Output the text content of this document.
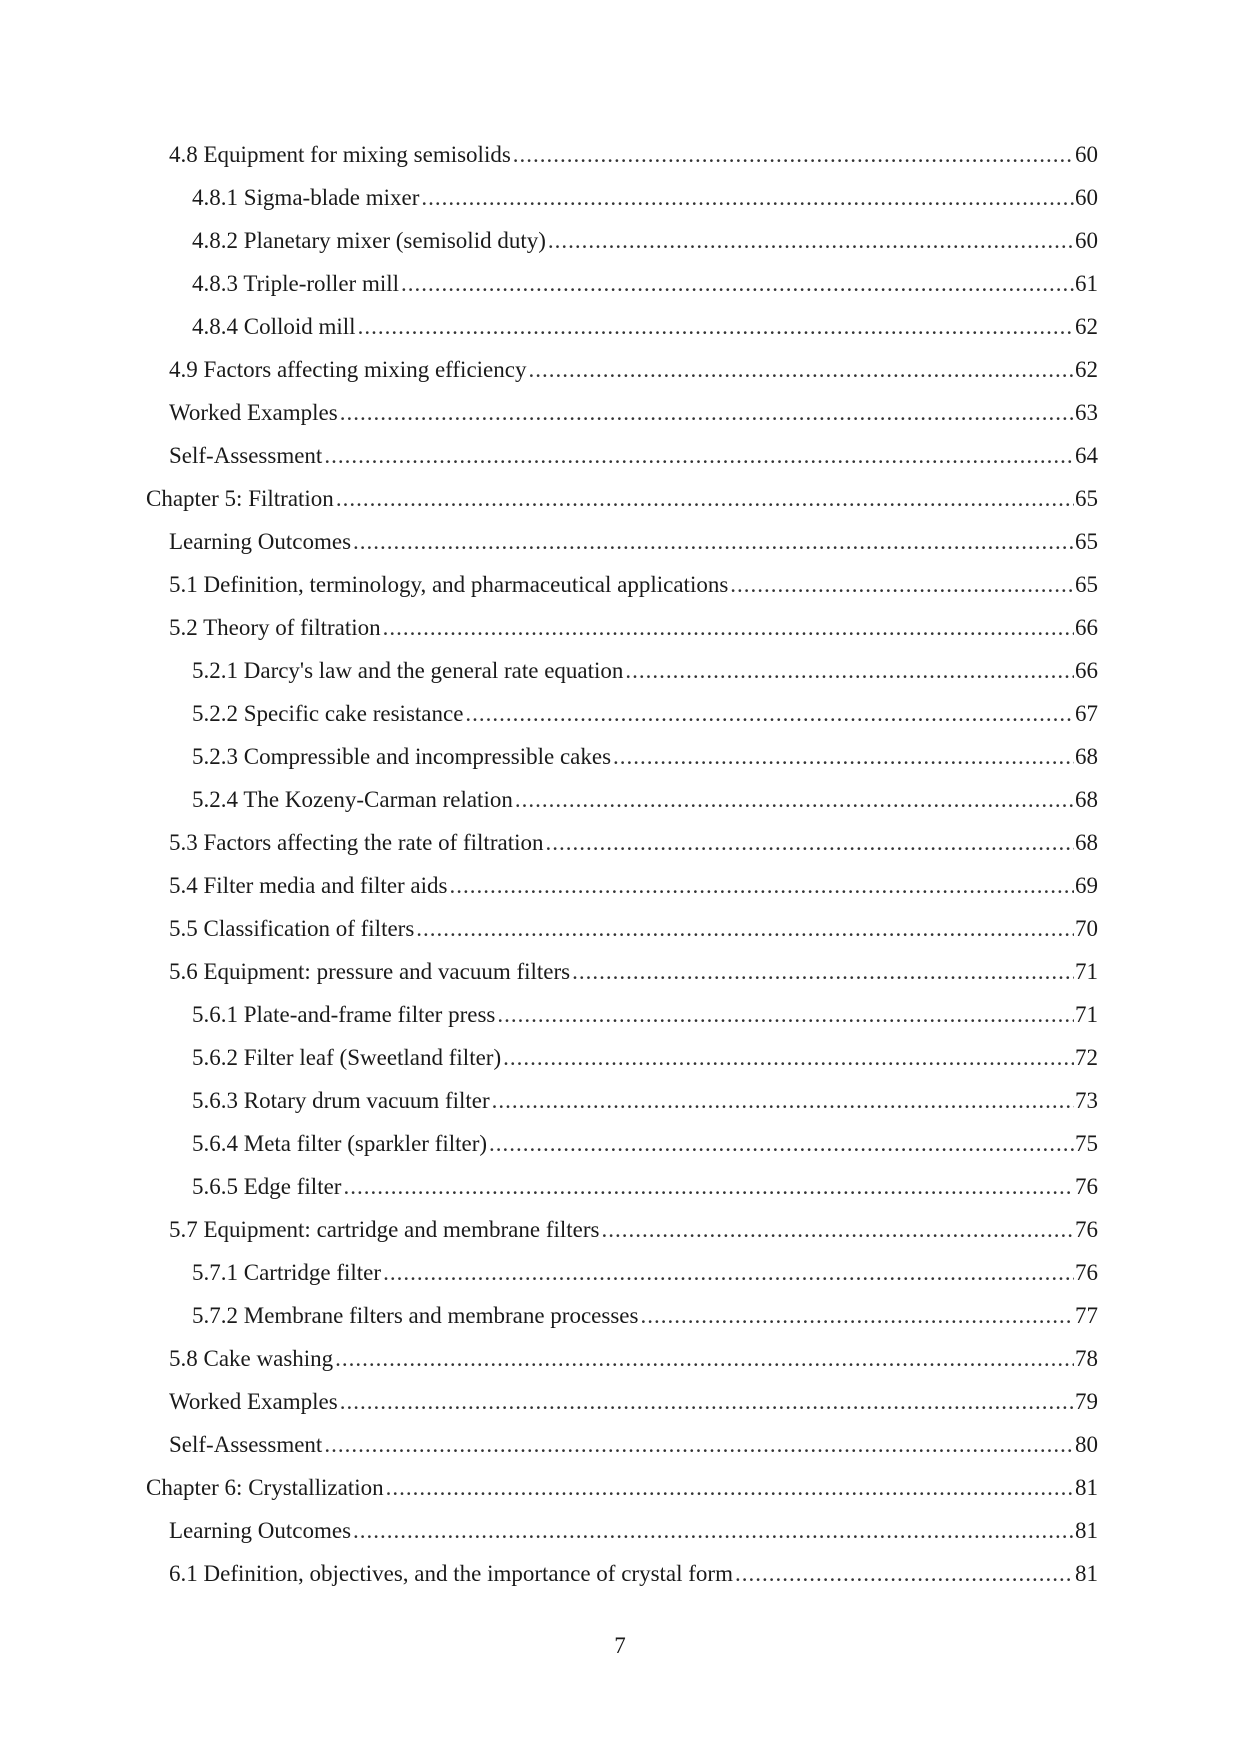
4.8 Equipment for mixing semisolids .....	60
4.8.1 Sigma-blade mixer .....	60
4.8.2 Planetary mixer (semisolid duty) .....	60
4.8.3 Triple-roller mill .....	61
4.8.4 Colloid mill .....	62
4.9 Factors affecting mixing efficiency .....	62
Worked Examples .....	63
Self-Assessment .....	64
Chapter 5: Filtration .....	65
Learning Outcomes .....	65
5.1 Definition, terminology, and pharmaceutical applications .....	65
5.2 Theory of filtration .....	66
5.2.1 Darcy's law and the general rate equation .....	66
5.2.2 Specific cake resistance .....	67
5.2.3 Compressible and incompressible cakes .....	68
5.2.4 The Kozeny-Carman relation .....	68
5.3 Factors affecting the rate of filtration .....	68
5.4 Filter media and filter aids .....	69
5.5 Classification of filters .....	70
5.6 Equipment: pressure and vacuum filters .....	71
5.6.1 Plate-and-frame filter press .....	71
5.6.2 Filter leaf (Sweetland filter) .....	72
5.6.3 Rotary drum vacuum filter .....	73
5.6.4 Meta filter (sparkler filter) .....	75
5.6.5 Edge filter .....	76
5.7 Equipment: cartridge and membrane filters .....	76
5.7.1 Cartridge filter .....	76
5.7.2 Membrane filters and membrane processes .....	77
5.8 Cake washing .....	78
Worked Examples .....	79
Self-Assessment .....	80
Chapter 6: Crystallization .....	81
Learning Outcomes .....	81
6.1 Definition, objectives, and the importance of crystal form .....	81
7
